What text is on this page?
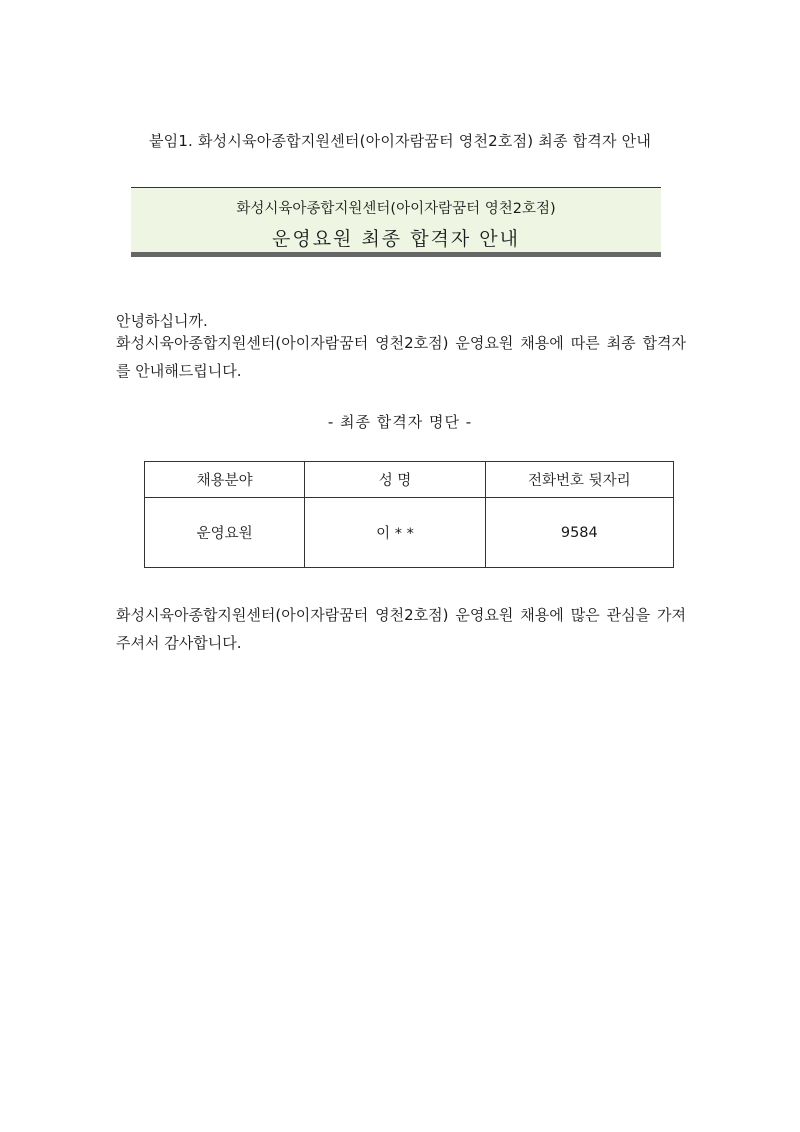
붙임1. 화성시육아종합지원센터(아이자람꿈터 영천2호점) 최종 합격자 안내
화성시육아종합지원센터(아이자람꿈터 영천2호점)
운영요원 최종 합격자 안내
안녕하십니까.
화성시육아종합지원센터(아이자람꿈터 영천2호점) 운영요원 채용에 따른 최종 합격자를 안내해드립니다.
- 최종 합격자 명단 -
채용분야	성 명	전화번호 뒷자리
운영요원	이 * *	9584
화성시육아종합지원센터(아이자람꿈터 영천2호점) 운영요원 채용에 많은 관심을 가져 주셔서 감사합니다.
